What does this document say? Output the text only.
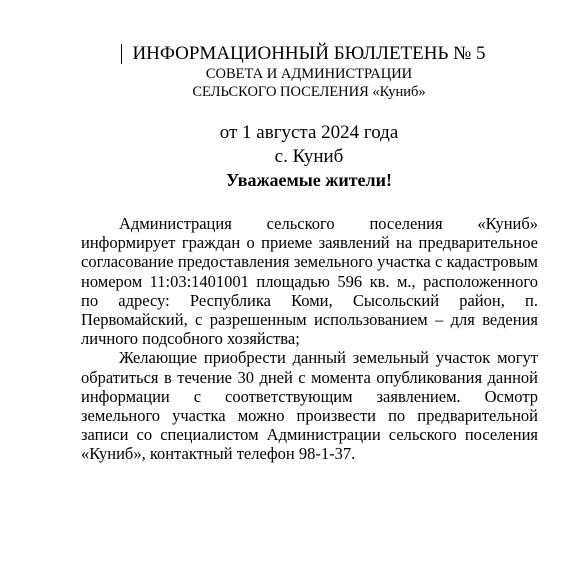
ИНФОРМАЦИОННЫЙ БЮЛЛЕТЕНЬ № 5
СОВЕТА И АДМИНИСТРАЦИИ
СЕЛЬСКОГО ПОСЕЛЕНИЯ «Куниб»
от 1 августа 2024 года
с. Куниб
Уважаемые жители!

Администрация сельского поселения «Куниб» информирует граждан о приеме заявлений на предварительное согласование предоставления земельного участка с кадастровым номером 11:03:1401001 площадью 596 кв. м., расположенного по адресу: Республика Коми, Сысольский район, п. Первомайский, с разрешенным использованием – для ведения личного подсобного хозяйства;

Желающие приобрести данный земельный участок могут обратиться в течение 30 дней с момента опубликования данной информации с соответствующим заявлением. Осмотр земельного участка можно произвести по предварительной записи со специалистом Администрации сельского поселения «Куниб», контактный телефон 98-1-37.
